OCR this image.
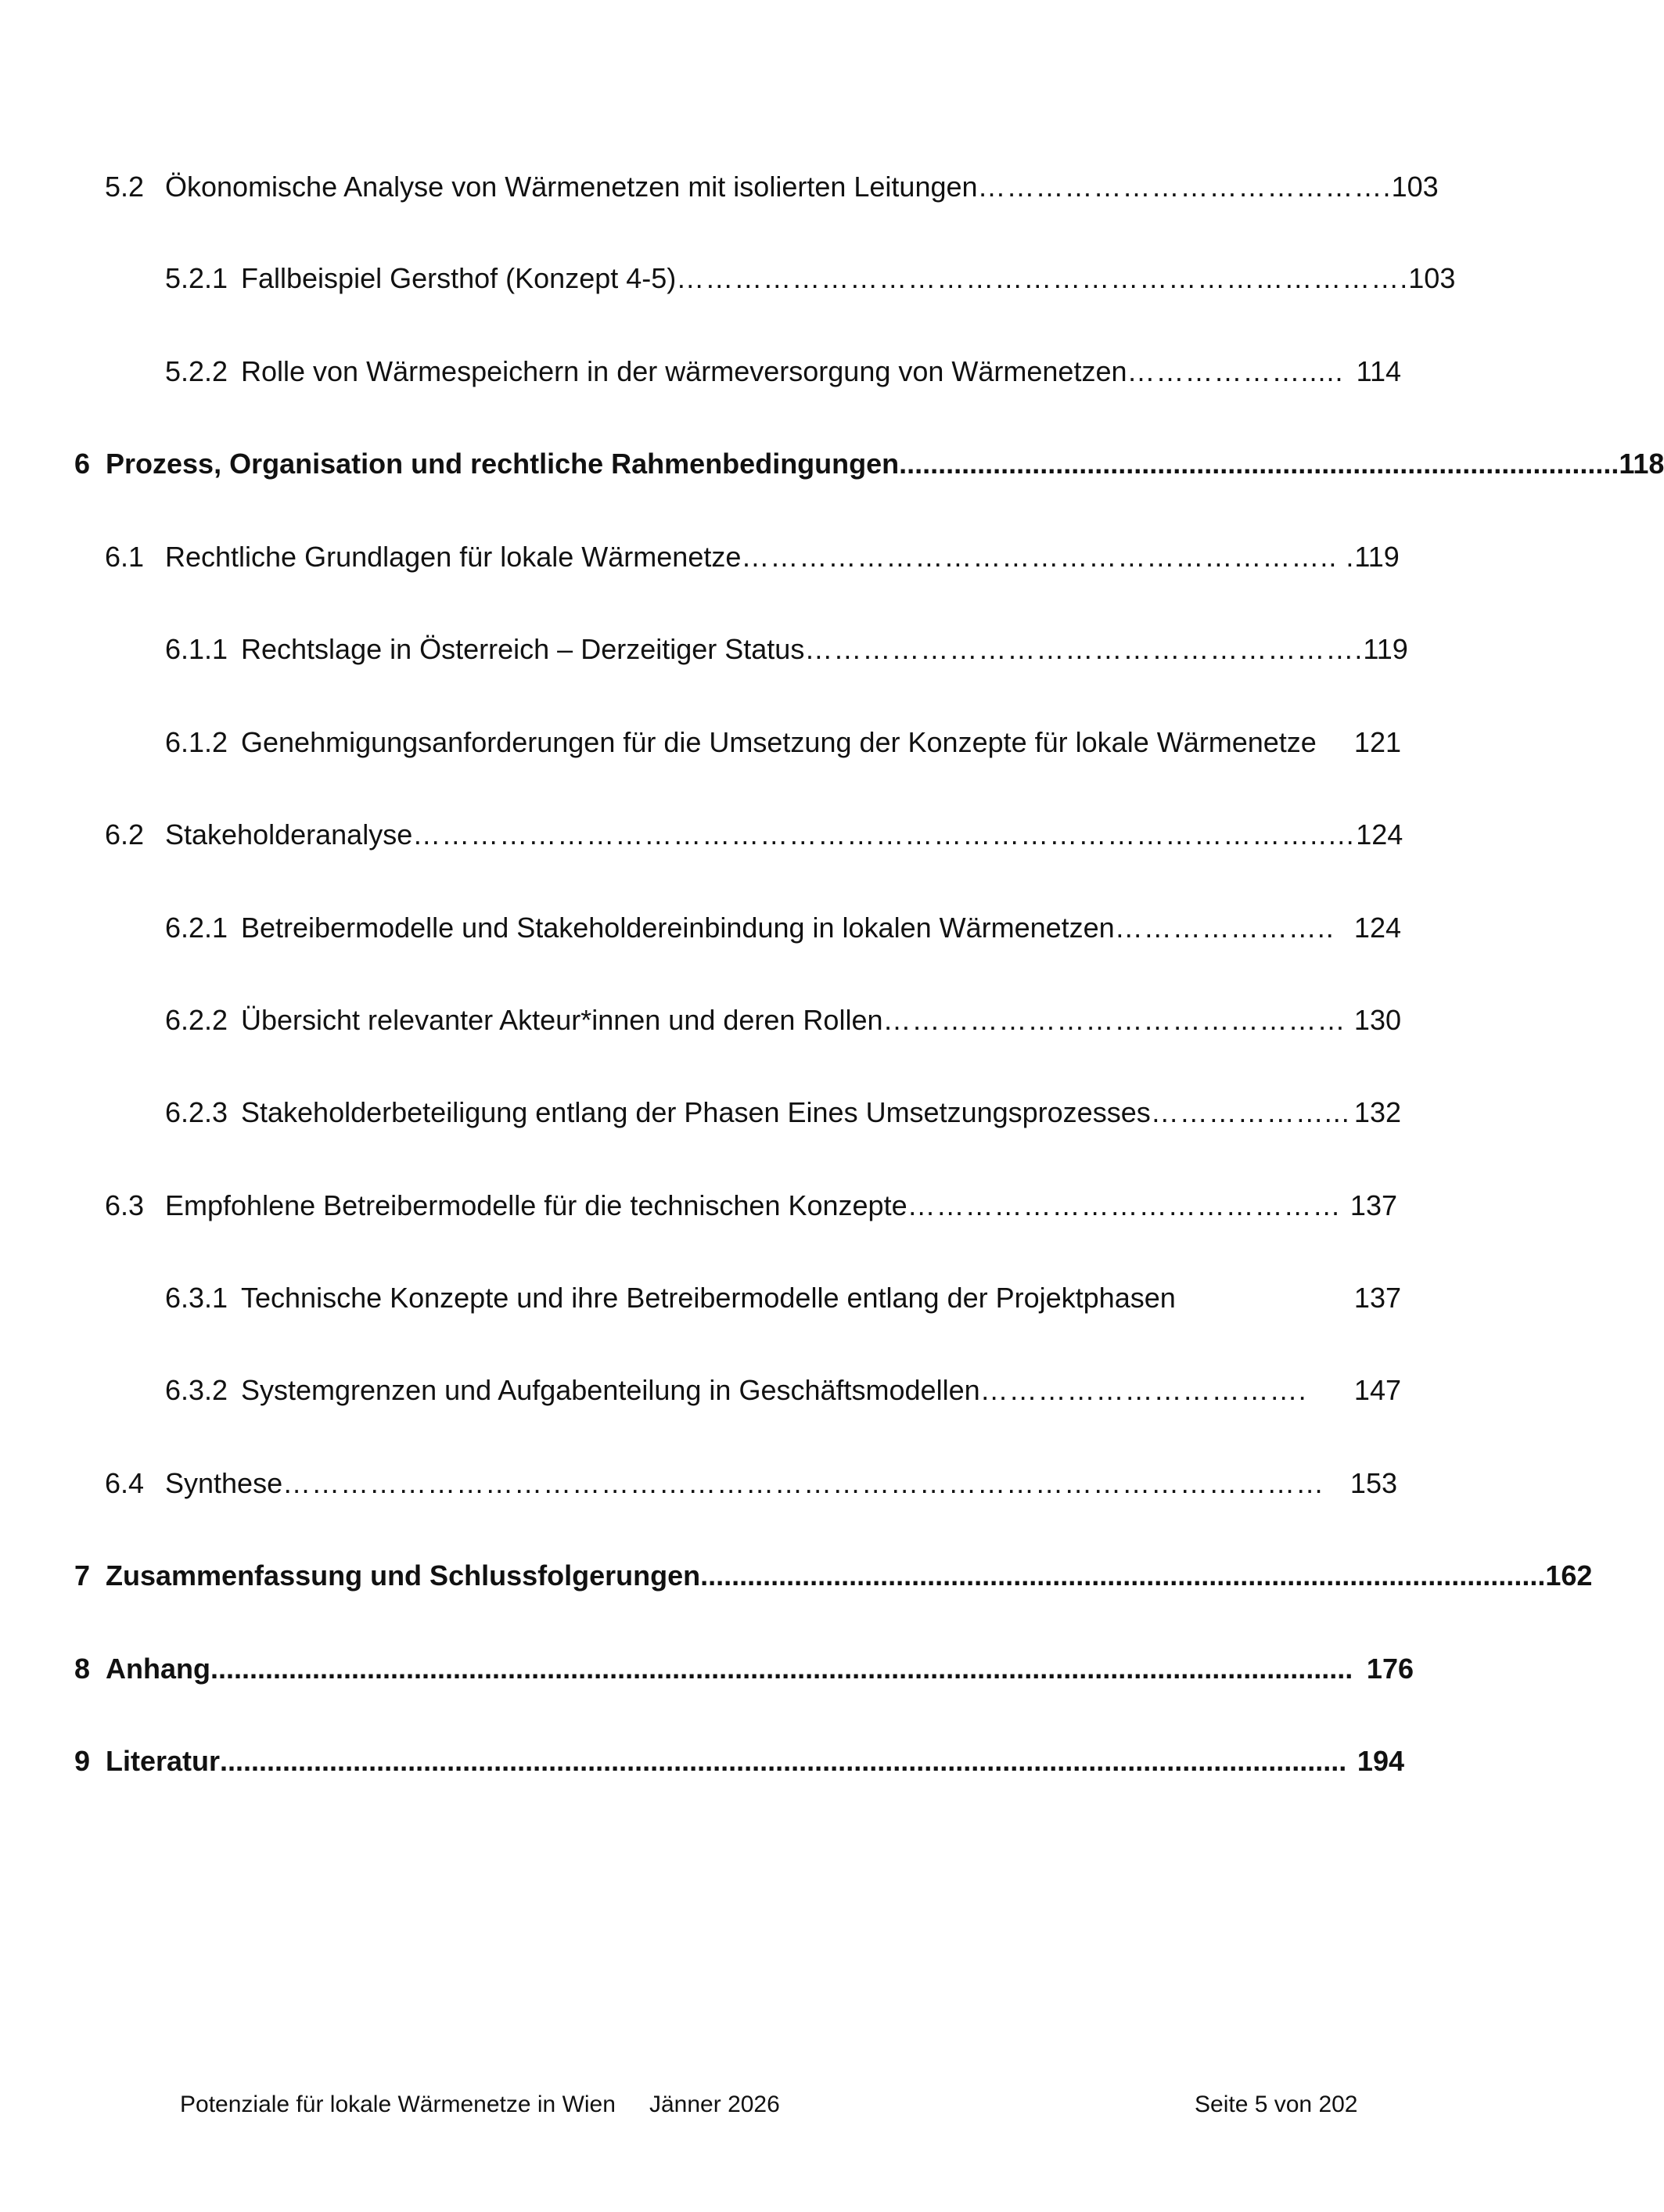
5.2 Ökonomische Analyse von Wärmenetzen mit isolierten Leitungen ……………………………………. 103
5.2.1 Fallbeispiel Gersthof (Konzept 4-5) …………………………………………………………………. 103
5.2.2 Rolle von Wärmespeichern in der wärmeversorgung von Wärmenetzen ………………..... 114
6 Prozess, Organisation und rechtliche Rahmenbedingungen ............................................................................................ 118
6.1 Rechtliche Grundlagen für lokale Wärmenetze …………………………………………………….. . 119
6.1.1 Rechtslage in Österreich – Derzeitiger Status …………………………………………………. 119
6.1.2 Genehmigungsanforderungen für die Umsetzung der Konzepte für lokale Wärmenetze 121
6.2 Stakeholderanalyse …………………………………………………………………………………..… 124
6.2.1 Betreibermodelle und Stakeholdereinbindung in lokalen Wärmenetzen ………………….. 124
6.2.2 Übersicht relevanter Akteur*innen und deren Rollen ………………………………………… 130
6.2.3 Stakeholderbeteiligung entlang der Phasen Eines Umsetzungsprozesses ………………... 132
6.3 Empfohlene Betreibermodelle für die technischen Konzepte ……………………………………… 137
6.3.1 Technische Konzepte und ihre Betreibermodelle entlang der Projektphasen	137
6.3.2 Systemgrenzen und Aufgabenteilung in Geschäftsmodellen …………………………….	147
6.4 Synthese ……………………………………………………………………………………………… 153
7 Zusammenfassung und Schlussfolgerungen ............................................................................................................ 162
8 Anhang .................................................................................................................................................. 176
9 Literatur ................................................................................................................................................ 194
Potenziale für lokale Wärmenetze in Wien Jänner 2026	Seite 5 von 202
